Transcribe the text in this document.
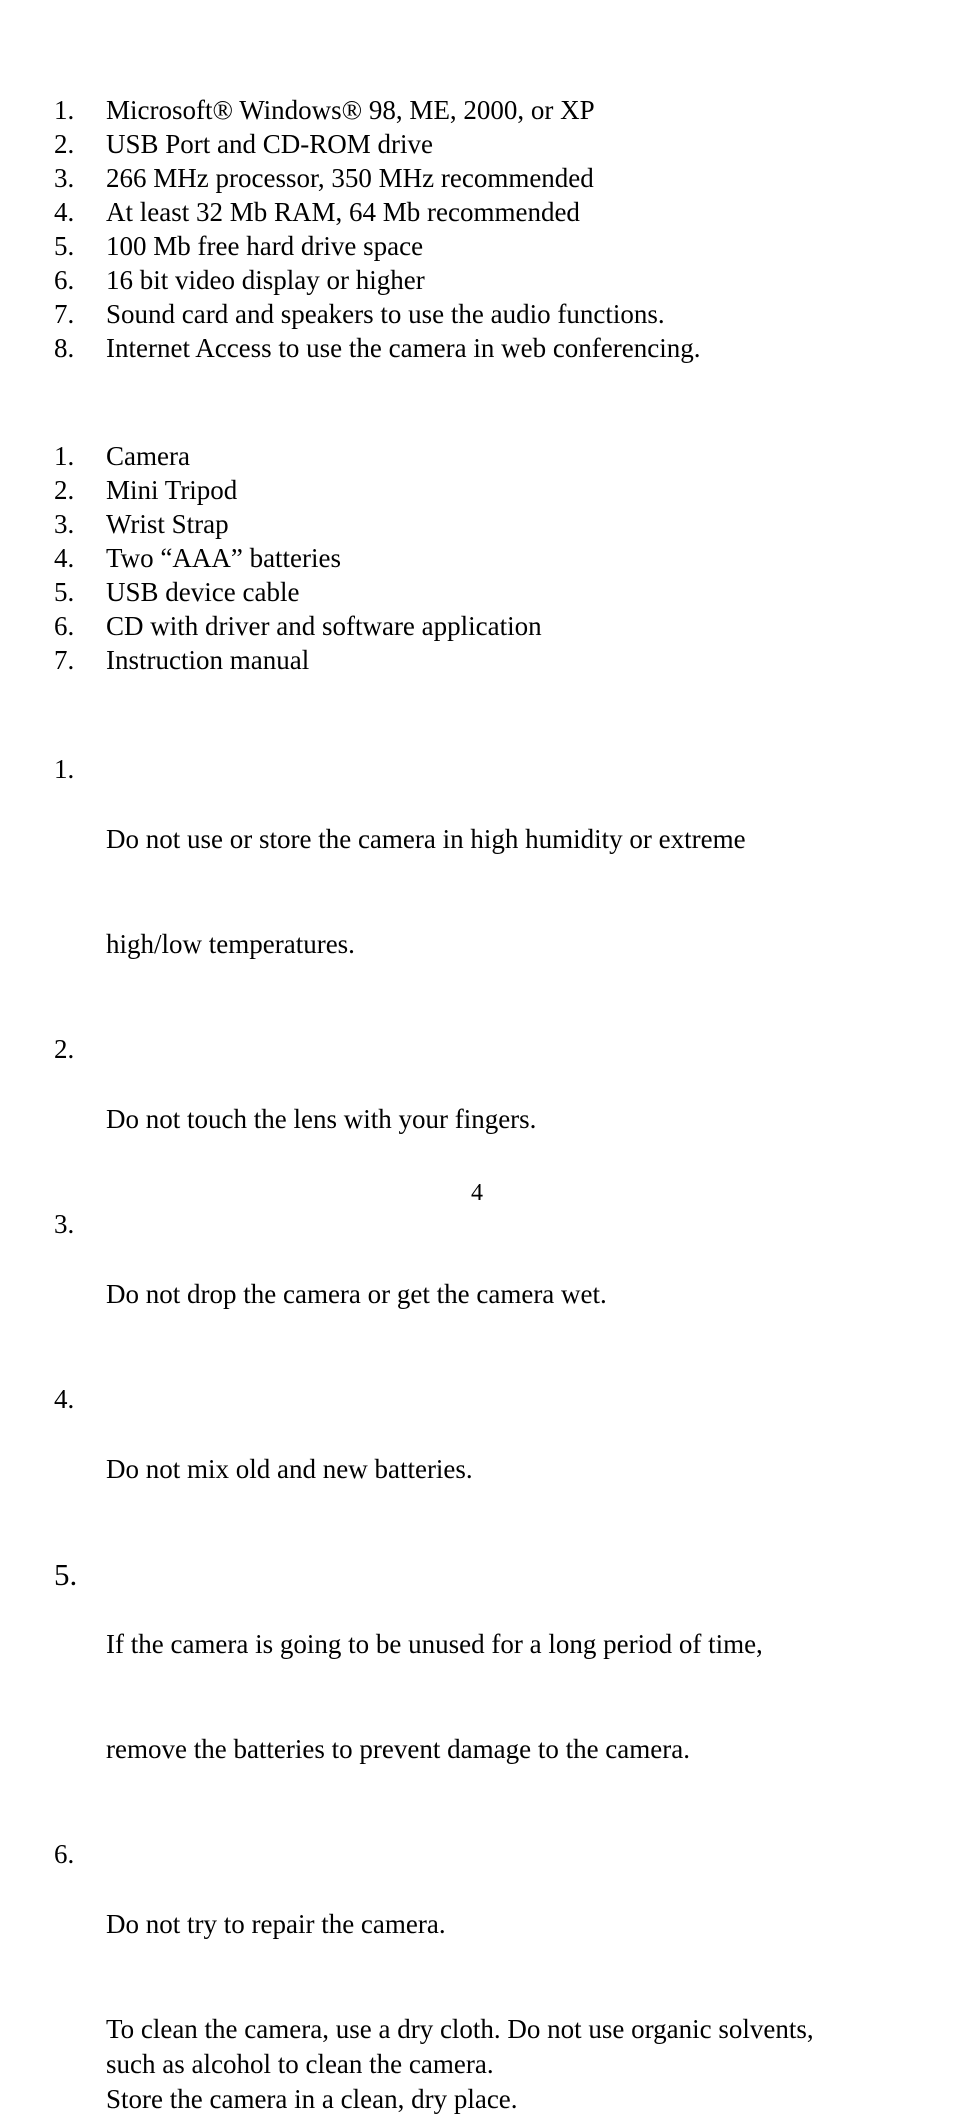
1.	Microsoft® Windows® 98, ME, 2000, or XP
2.	USB Port and CD-ROM drive
3.	266 MHz processor, 350 MHz recommended
4.	At least 32 Mb RAM, 64 Mb recommended
5.	100 Mb free hard drive space
6.	16 bit video display or higher
7.	Sound card and speakers to use the audio functions.
8.	Internet Access to use the camera in web conferencing.
1.	Camera
2.	Mini Tripod
3.	Wrist Strap
4.	Two “AAA” batteries
5.	USB device cable
6.	CD with driver and software application
7.	Instruction manual
1.

Do not use or store the camera in high humidity or extreme

high/low temperatures.

2.

Do not touch the lens with your fingers.

3.

Do not drop the camera or get the camera wet.

4.

Do not mix old and new batteries.

5.

If the camera is going to be unused for a long period of time,

remove the batteries to prevent damage to the camera.

6.

Do not try to repair the camera.

To clean the camera, use a dry cloth. Do not use organic solvents,
such as alcohol to clean the camera.
Store the camera in a clean, dry place.
4
